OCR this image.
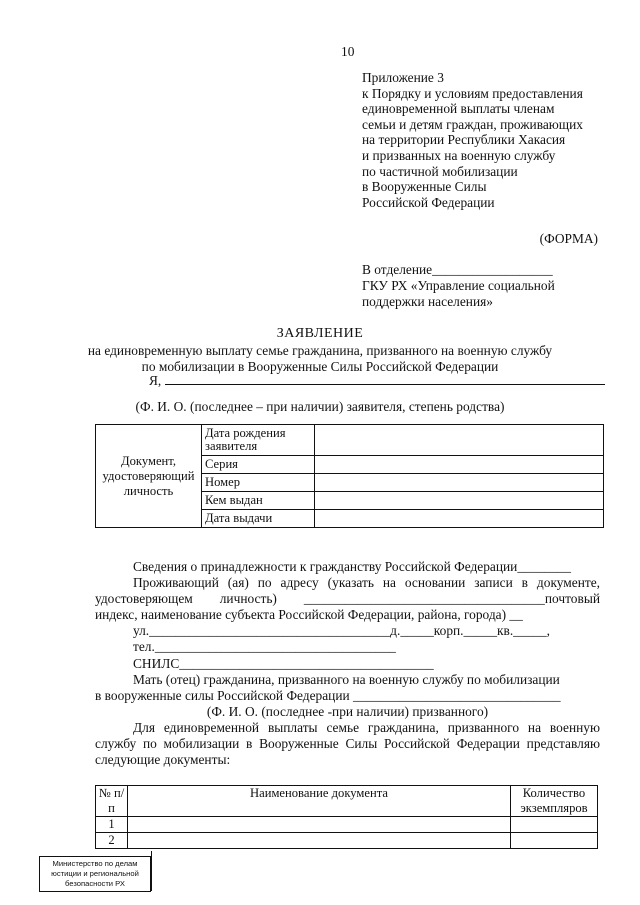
10
Приложение 3
к Порядку и условиям предоставления
единовременной выплаты членам
семьи и детям граждан, проживающих
на территории Республики Хакасия
и призванных на военную службу
по частичной мобилизации
в Вооруженные Силы
Российской Федерации
(ФОРМА)
В отделение__________________
ГКУ РХ «Управление социальной
поддержки населения»
ЗАЯВЛЕНИЕ
на единовременную выплату семье гражданина, призванного на военную службу
по мобилизации в Вооруженные Силы Российской Федерации
Я,
(Ф. И. О. (последнее – при наличии) заявителя, степень родства)
Документ, удостоверяющий личность	Дата рождения заявителя	
	Серия	
	Номер	
	Кем выдан	
	Дата выдачи	
Сведения о принадлежности к гражданству Российской Федерации________
Проживающий (ая) по адресу (указать на основании записи в документе,
удостоверяющем личность) ____________________________________почтовый
индекс, наименование субъекта Российской Федерации, района, города) __
ул.____________________________________д._____корп._____кв._____,
тел.____________________________________
СНИЛС______________________________________
Мать (отец) гражданина, призванного на военную службу по мобилизации
в вооруженные силы Российской Федерации _______________________________
(Ф. И. О. (последнее -при наличии) призванного)
Для единовременной выплаты семье гражданина, призванного на военную
службу по мобилизации в Вооруженные Силы Российской Федерации представляю
следующие документы:
№ п/п	Наименование документа	Количество экземпляров
1		
2		
Министерство по делам
юстиции и региональной
безопасности РХ
